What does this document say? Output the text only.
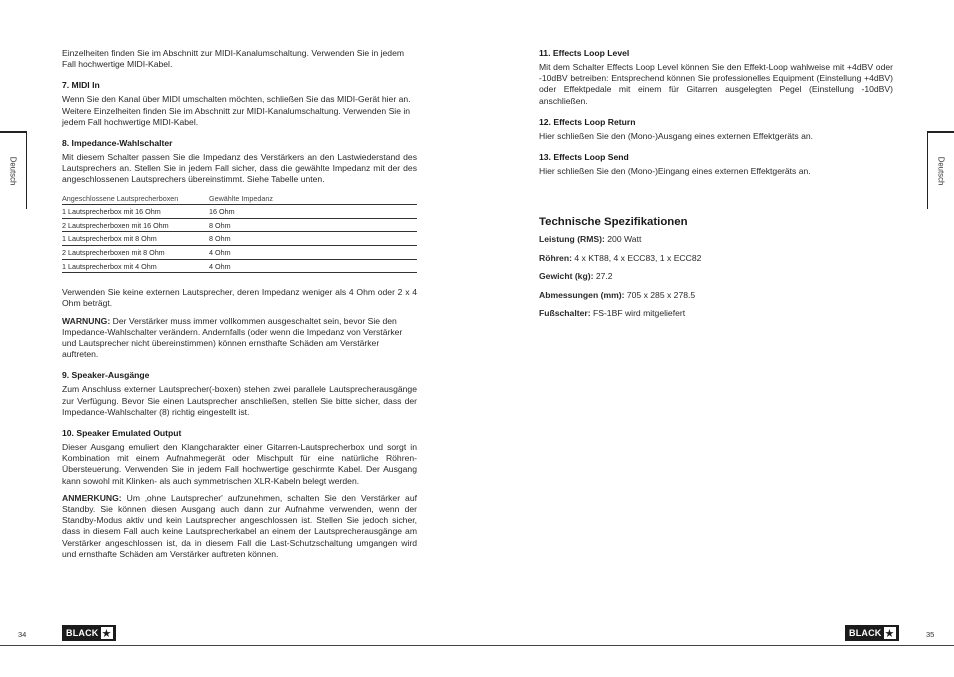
Deutsch	Deutsch

Einzelheiten finden Sie im Abschnitt zur MIDI-Kanalumschaltung. Verwenden Sie in jedem Fall hochwertige MIDI-Kabel.

7. MIDI In

Wenn Sie den Kanal über MIDI umschalten möchten, schließen Sie das MIDI-Gerät hier an. Weitere Einzelheiten finden Sie im Abschnitt zur MIDI-Kanalumschaltung. Verwenden Sie in jedem Fall hochwertige MIDI-Kabel.

8. Impedance-Wahlschalter

Mit diesem Schalter passen Sie die Impedanz des Verstärkers an den Lastwiederstand des Lautsprechers an. Stellen Sie in jedem Fall sicher, dass die gewählte Impedanz mit der des angeschlossenen Lautsprechers übereinstimmt. Siehe Tabelle unten.

Angeschlossene Lautsprecherboxen	Gewählte Impedanz
1 Lautsprecherbox mit 16 Ohm	16 Ohm
2 Lautsprecherboxen mit 16 Ohm	8 Ohm
1 Lautsprecherbox mit 8 Ohm	8 Ohm
2 Lautsprecherboxen mit 8 Ohm	4 Ohm
1 Lautsprecherbox mit 4 Ohm	4 Ohm

Verwenden Sie keine externen Lautsprecher, deren Impedanz weniger als 4 Ohm oder 2 x 4 Ohm beträgt.

WARNUNG: Der Verstärker muss immer vollkommen ausgeschaltet sein, bevor Sie den Impedance-Wahlschalter verändern. Andernfalls (oder wenn die Impedanz von Verstärker und Lautsprecher nicht übereinstimmen) können ernsthafte Schäden am Verstärker auftreten.

9. Speaker-Ausgänge

Zum Anschluss externer Lautsprecher(-boxen) stehen zwei parallele Lautsprecherausgänge zur Verfügung. Bevor Sie einen Lautsprecher anschließen, stellen Sie bitte sicher, dass der Impedance-Wahlschalter (8) richtig eingestellt ist.

10. Speaker Emulated Output

Dieser Ausgang emuliert den Klangcharakter einer Gitarren-Lautsprecherbox und sorgt in Kombination mit einem Aufnahmegerät oder Mischpult für eine natürliche Röhren-Übersteuerung. Verwenden Sie in jedem Fall hochwertige geschirmte Kabel. Der Ausgang kann sowohl mit Klinken- als auch symmetrischen XLR-Kabeln belegt werden.

ANMERKUNG: Um ‚ohne Lautsprecher' aufzunehmen, schalten Sie den Verstärker auf Standby. Sie können diesen Ausgang auch dann zur Aufnahme verwenden, wenn der Standby-Modus aktiv und kein Lautsprecher angeschlossen ist. Stellen Sie jedoch sicher, dass in diesem Fall auch keine Lautsprecherkabel an einem der Lautsprecherausgänge am Verstärker angeschlossen ist, da in diesem Fall die Last-Schutzschaltung umgangen wird und ernsthafte Schäden am Verstärker auftreten können.

11. Effects Loop Level

Mit dem Schalter Effects Loop Level können Sie den Effekt-Loop wahlweise mit +4dBV oder -10dBV betreiben: Entsprechend können Sie professionelles Equipment (Einstellung +4dBV) oder Effektpedale mit einem für Gitarren ausgelegten Pegel (Einstellung -10dBV) anschließen.

12. Effects Loop Return

Hier schließen Sie den (Mono-)Ausgang eines externen Effektgeräts an.

13. Effects Loop Send

Hier schließen Sie den (Mono-)Eingang eines externen Effektgeräts an.

Technische Spezifikationen
Leistung (RMS): 200 Watt
Röhren: 4 x KT88, 4 x ECC83, 1 x ECC82
Gewicht (kg): 27.2
Abmessungen (mm): 705 x 285 x 278.5
Fußschalter: FS-1BF wird mitgeliefert
34	BLACK ★	BLACK ★	35
